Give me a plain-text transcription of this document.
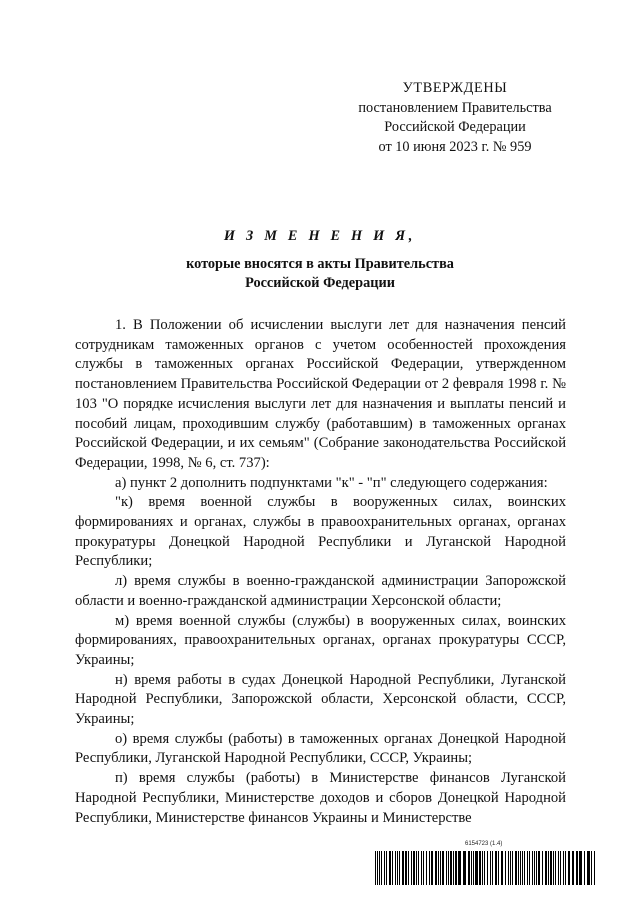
УТВЕРЖДЕНЫ
постановлением Правительства
Российской Федерации
от 10 июня 2023 г. № 959
И З М Е Н Е Н И Я,
которые вносятся в акты Правительства
Российской Федерации

1. В Положении об исчислении выслуги лет для назначения пенсий сотрудникам таможенных органов с учетом особенностей прохождения службы в таможенных органах Российской Федерации, утвержденном постановлением Правительства Российской Федерации от 2 февраля 1998 г. № 103 "О порядке исчисления выслуги лет для назначения и выплаты пенсий и пособий лицам, проходившим службу (работавшим) в таможенных органах Российской Федерации, и их семьям" (Собрание законодательства Российской Федерации, 1998, № 6, ст. 737):

а) пункт 2 дополнить подпунктами "к" - "п" следующего содержания:

"к) время военной службы в вооруженных силах, воинских формированиях и органах, службы в правоохранительных органах, органах прокуратуры Донецкой Народной Республики и Луганской Народной Республики;

л) время службы в военно-гражданской администрации Запорожской области и военно-гражданской администрации Херсонской области;

м) время военной службы (службы) в вооруженных силах, воинских формированиях, правоохранительных органах, органах прокуратуры СССР, Украины;

н) время работы в судах Донецкой Народной Республики, Луганской Народной Республики, Запорожской области, Херсонской области, СССР, Украины;

о) время службы (работы) в таможенных органах Донецкой Народной Республики, Луганской Народной Республики, СССР, Украины;

п) время службы (работы) в Министерстве финансов Луганской Народной Республики, Министерстве доходов и сборов Донецкой Народной Республики, Министерстве финансов Украины и Министерстве

6154723 (1.4)
